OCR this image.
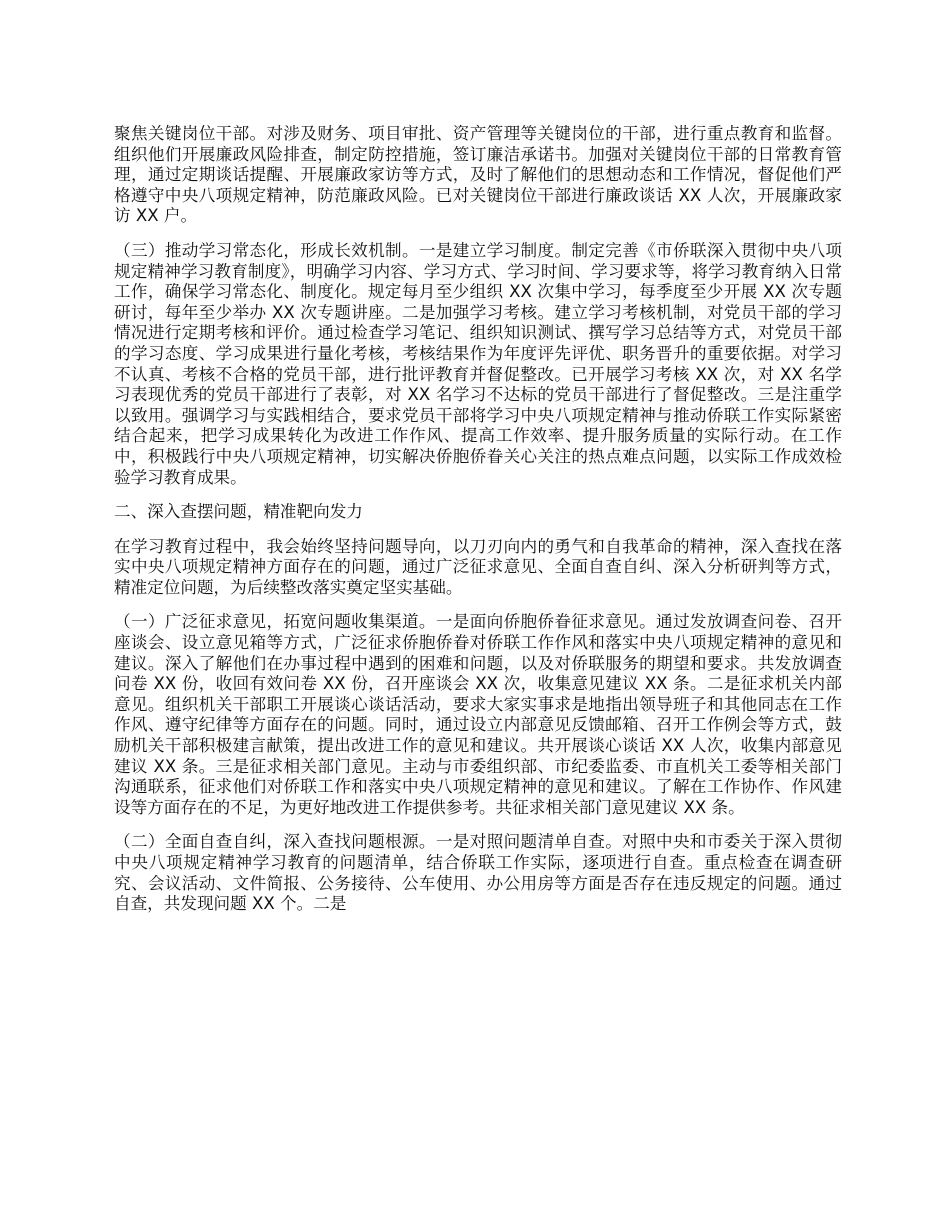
聚焦关键岗位干部。对涉及财务、项目审批、资产管理等关键岗位的干部，进行重点教育和监督。组织他们开展廉政风险排查，制定防控措施，签订廉洁承诺书。加强对关键岗位干部的日常教育管理，通过定期谈话提醒、开展廉政家访等方式，及时了解他们的思想动态和工作情况，督促他们严格遵守中央八项规定精神，防范廉政风险。已对关键岗位干部进行廉政谈话 XX 人次，开展廉政家访 XX 户。

（三）推动学习常态化，形成长效机制。一是建立学习制度。制定完善《市侨联深入贯彻中央八项规定精神学习教育制度》，明确学习内容、学习方式、学习时间、学习要求等，将学习教育纳入日常工作，确保学习常态化、制度化。规定每月至少组织 XX 次集中学习，每季度至少开展 XX 次专题研讨，每年至少举办 XX 次专题讲座。二是加强学习考核。建立学习考核机制，对党员干部的学习情况进行定期考核和评价。通过检查学习笔记、组织知识测试、撰写学习总结等方式，对党员干部的学习态度、学习成果进行量化考核，考核结果作为年度评先评优、职务晋升的重要依据。对学习不认真、考核不合格的党员干部，进行批评教育并督促整改。已开展学习考核 XX 次，对 XX 名学习表现优秀的党员干部进行了表彰，对 XX 名学习不达标的党员干部进行了督促整改。三是注重学以致用。强调学习与实践相结合，要求党员干部将学习中央八项规定精神与推动侨联工作实际紧密结合起来，把学习成果转化为改进工作作风、提高工作效率、提升服务质量的实际行动。在工作中，积极践行中央八项规定精神，切实解决侨胞侨眷关心关注的热点难点问题，以实际工作成效检验学习教育成果。

二、深入查摆问题，精准靶向发力

在学习教育过程中，我会始终坚持问题导向，以刀刃向内的勇气和自我革命的精神，深入查找在落实中央八项规定精神方面存在的问题，通过广泛征求意见、全面自查自纠、深入分析研判等方式，精准定位问题，为后续整改落实奠定坚实基础。

（一）广泛征求意见，拓宽问题收集渠道。一是面向侨胞侨眷征求意见。通过发放调查问卷、召开座谈会、设立意见箱等方式，广泛征求侨胞侨眷对侨联工作作风和落实中央八项规定精神的意见和建议。深入了解他们在办事过程中遇到的困难和问题，以及对侨联服务的期望和要求。共发放调查问卷 XX 份，收回有效问卷 XX 份，召开座谈会 XX 次，收集意见建议 XX 条。二是征求机关内部意见。组织机关干部职工开展谈心谈话活动，要求大家实事求是地指出领导班子和其他同志在工作作风、遵守纪律等方面存在的问题。同时，通过设立内部意见反馈邮箱、召开工作例会等方式，鼓励机关干部积极建言献策，提出改进工作的意见和建议。共开展谈心谈话 XX 人次，收集内部意见建议 XX 条。三是征求相关部门意见。主动与市委组织部、市纪委监委、市直机关工委等相关部门沟通联系，征求他们对侨联工作和落实中央八项规定精神的意见和建议。了解在工作协作、作风建设等方面存在的不足，为更好地改进工作提供参考。共征求相关部门意见建议 XX 条。

（二）全面自查自纠，深入查找问题根源。一是对照问题清单自查。对照中央和市委关于深入贯彻中央八项规定精神学习教育的问题清单，结合侨联工作实际，逐项进行自查。重点检查在调查研究、会议活动、文件简报、公务接待、公车使用、办公用房等方面是否存在违反规定的问题。通过自查，共发现问题 XX 个。二是
